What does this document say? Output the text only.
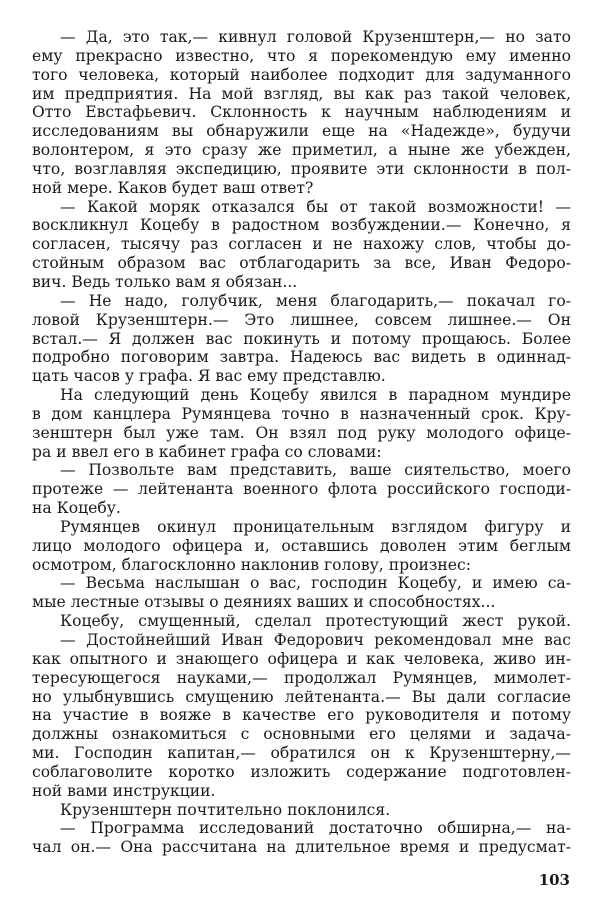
— Да, это так,— кивнул головой Крузенштерн,— но зато
ему прекрасно известно, что я порекомендую ему именно
того человека, который наиболее подходит для задуманного
им предприятия. На мой взгляд, вы как раз такой человек,
Отто Евстафьевич. Склонность к научным наблюдениям и
исследованиям вы обнаружили еще на «Надежде», будучи
волонтером, я это сразу же приметил, а ныне же убежден,
что, возглавляя экспедицию, проявите эти склонности в пол-
ной мере. Каков будет ваш ответ?
— Какой моряк отказался бы от такой возможности! —
воскликнул Коцебу в радостном возбуждении.— Конечно, я
согласен, тысячу раз согласен и не нахожу слов, чтобы до-
стойным образом вас отблагодарить за все, Иван Федоро-
вич. Ведь только вам я обязан...
— Не надо, голубчик, меня благодарить,— покачал го-
ловой Крузенштерн.— Это лишнее, совсем лишнее.— Он
встал.— Я должен вас покинуть и потому прощаюсь. Более
подробно поговорим завтра. Надеюсь вас видеть в одиннад-
цать часов у графа. Я вас ему представлю.
На следующий день Коцебу явился в парадном мундире
в дом канцлера Румянцева точно в назначенный срок. Кру-
зенштерн был уже там. Он взял под руку молодого офице-
ра и ввел его в кабинет графа со словами:
— Позвольте вам представить, ваше сиятельство, моего
протеже — лейтенанта военного флота российского господи-
на Коцебу.
Румянцев окинул проницательным взглядом фигуру и
лицо молодого офицера и, оставшись доволен этим беглым
осмотром, благосклонно наклонив голову, произнес:
— Весьма наслышан о вас, господин Коцебу, и имею са-
мые лестные отзывы о деяниях ваших и способностях...
Коцебу, смущенный, сделал протестующий жест рукой.
— Достойнейший Иван Федорович рекомендовал мне вас
как опытного и знающего офицера и как человека, живо ин-
тересующегося науками,— продолжал Румянцев, мимолет-
но улыбнувшись смущению лейтенанта.— Вы дали согласие
на участие в вояже в качестве его руководителя и потому
должны ознакомиться с основными его целями и задача-
ми. Господин капитан,— обратился он к Крузенштерну,—
соблаговолите коротко изложить содержание подготовлен-
ной вами инструкции.
Крузенштерн почтительно поклонился.
— Программа исследований достаточно обширна,— на-
чал он.— Она рассчитана на длительное время и предусмат-
103
